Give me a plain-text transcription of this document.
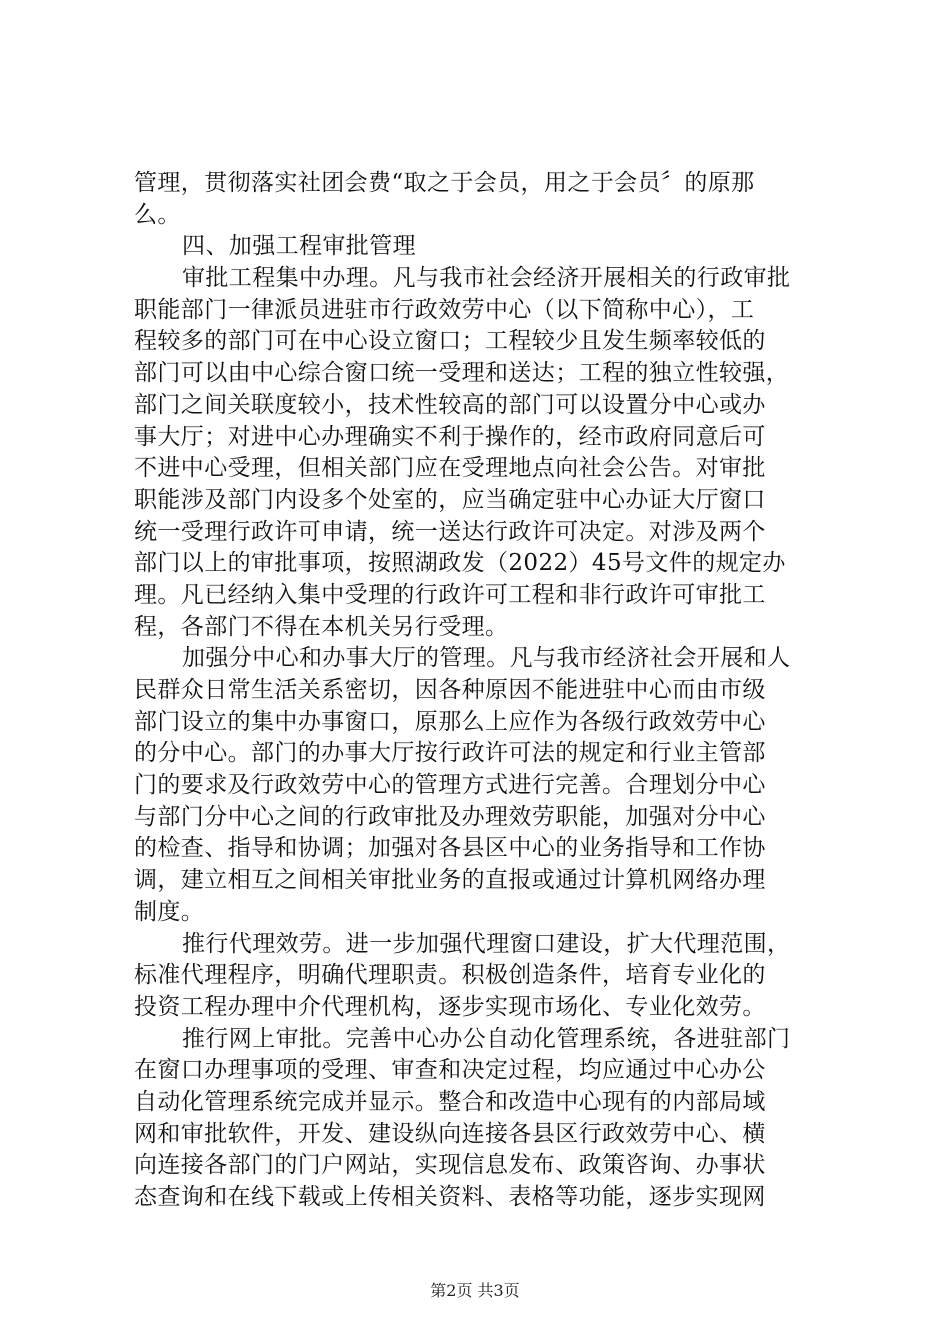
管理，贯彻落实社团会费“取之于会员，用之于会员〞的原那
么。
四、加强工程审批管理
审批工程集中办理。凡与我市社会经济开展相关的行政审批
职能部门一律派员进驻市行政效劳中心（以下简称中心），工
程较多的部门可在中心设立窗口；工程较少且发生频率较低的
部门可以由中心综合窗口统一受理和送达；工程的独立性较强，
部门之间关联度较小，技术性较高的部门可以设置分中心或办
事大厅；对进中心办理确实不利于操作的，经市政府同意后可
不进中心受理，但相关部门应在受理地点向社会公告。对审批
职能涉及部门内设多个处室的，应当确定驻中心办证大厅窗口
统一受理行政许可申请，统一送达行政许可决定。对涉及两个
部门以上的审批事项，按照湖政发（2022）45号文件的规定办
理。凡已经纳入集中受理的行政许可工程和非行政许可审批工
程，各部门不得在本机关另行受理。
加强分中心和办事大厅的管理。凡与我市经济社会开展和人
民群众日常生活关系密切，因各种原因不能进驻中心而由市级
部门设立的集中办事窗口，原那么上应作为各级行政效劳中心
的分中心。部门的办事大厅按行政许可法的规定和行业主管部
门的要求及行政效劳中心的管理方式进行完善。合理划分中心
与部门分中心之间的行政审批及办理效劳职能，加强对分中心
的检查、指导和协调；加强对各县区中心的业务指导和工作协
调，建立相互之间相关审批业务的直报或通过计算机网络办理
制度。
推行代理效劳。进一步加强代理窗口建设，扩大代理范围，
标准代理程序，明确代理职责。积极创造条件，培育专业化的
投资工程办理中介代理机构，逐步实现市场化、专业化效劳。
推行网上审批。完善中心办公自动化管理系统，各进驻部门
在窗口办理事项的受理、审查和决定过程，均应通过中心办公
自动化管理系统完成并显示。整合和改造中心现有的内部局域
网和审批软件，开发、建设纵向连接各县区行政效劳中心、横
向连接各部门的门户网站，实现信息发布、政策咨询、办事状
态查询和在线下载或上传相关资料、表格等功能，逐步实现网
第2页 共3页
